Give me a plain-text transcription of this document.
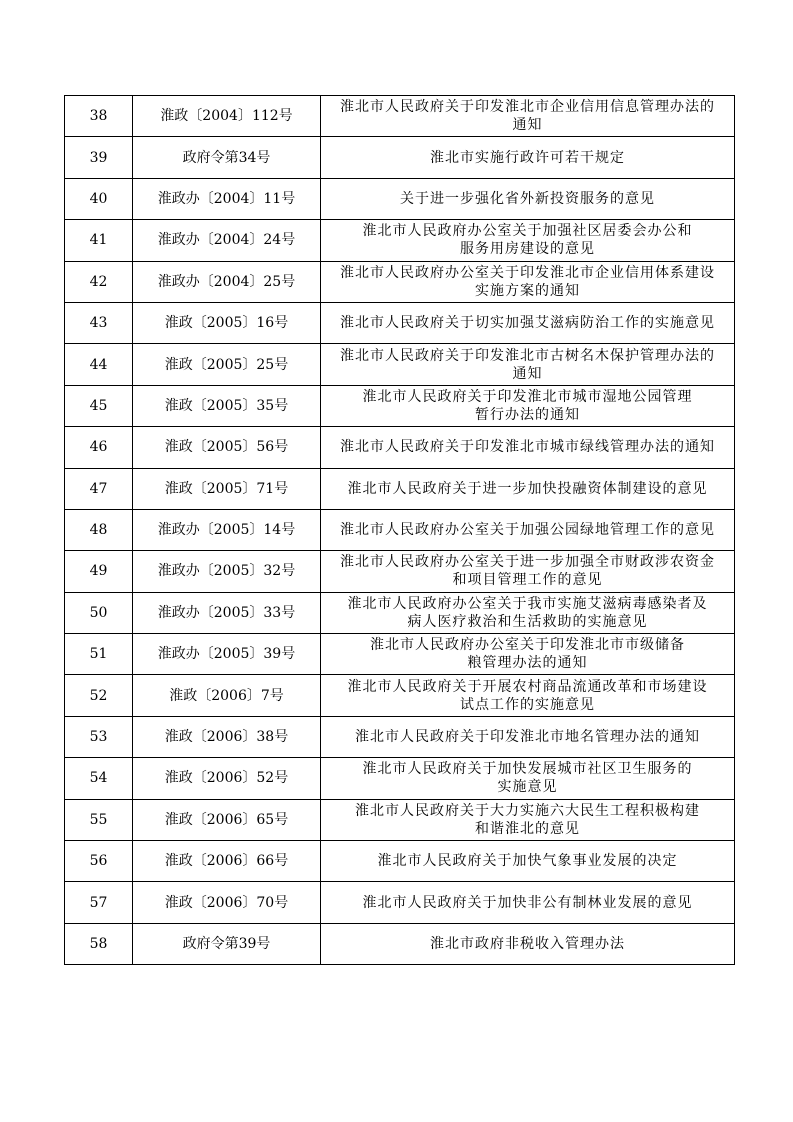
38	淮政〔2004〕112号	淮北市人民政府关于印发淮北市企业信用信息管理办法的
通知
39	政府令第34号	淮北市实施行政许可若干规定
40	淮政办〔2004〕11号	关于进一步强化省外新投资服务的意见
41	淮政办〔2004〕24号	淮北市人民政府办公室关于加强社区居委会办公和
服务用房建设的意见
42	淮政办〔2004〕25号	淮北市人民政府办公室关于印发淮北市企业信用体系建设
实施方案的通知
43	淮政〔2005〕16号	淮北市人民政府关于切实加强艾滋病防治工作的实施意见
44	淮政〔2005〕25号	淮北市人民政府关于印发淮北市古树名木保护管理办法的
通知
45	淮政〔2005〕35号	淮北市人民政府关于印发淮北市城市湿地公园管理
暂行办法的通知
46	淮政〔2005〕56号	淮北市人民政府关于印发淮北市城市绿线管理办法的通知
47	淮政〔2005〕71号	淮北市人民政府关于进一步加快投融资体制建设的意见
48	淮政办〔2005〕14号	淮北市人民政府办公室关于加强公园绿地管理工作的意见
49	淮政办〔2005〕32号	淮北市人民政府办公室关于进一步加强全市财政涉农资金
和项目管理工作的意见
50	淮政办〔2005〕33号	淮北市人民政府办公室关于我市实施艾滋病毒感染者及
病人医疗救治和生活救助的实施意见
51	淮政办〔2005〕39号	淮北市人民政府办公室关于印发淮北市市级储备
粮管理办法的通知
52	淮政〔2006〕7号	淮北市人民政府关于开展农村商品流通改革和市场建设
试点工作的实施意见
53	淮政〔2006〕38号	淮北市人民政府关于印发淮北市地名管理办法的通知
54	淮政〔2006〕52号	淮北市人民政府关于加快发展城市社区卫生服务的
实施意见
55	淮政〔2006〕65号	淮北市人民政府关于大力实施六大民生工程积极构建
和谐淮北的意见
56	淮政〔2006〕66号	淮北市人民政府关于加快气象事业发展的决定
57	淮政〔2006〕70号	淮北市人民政府关于加快非公有制林业发展的意见
58	政府令第39号	淮北市政府非税收入管理办法
